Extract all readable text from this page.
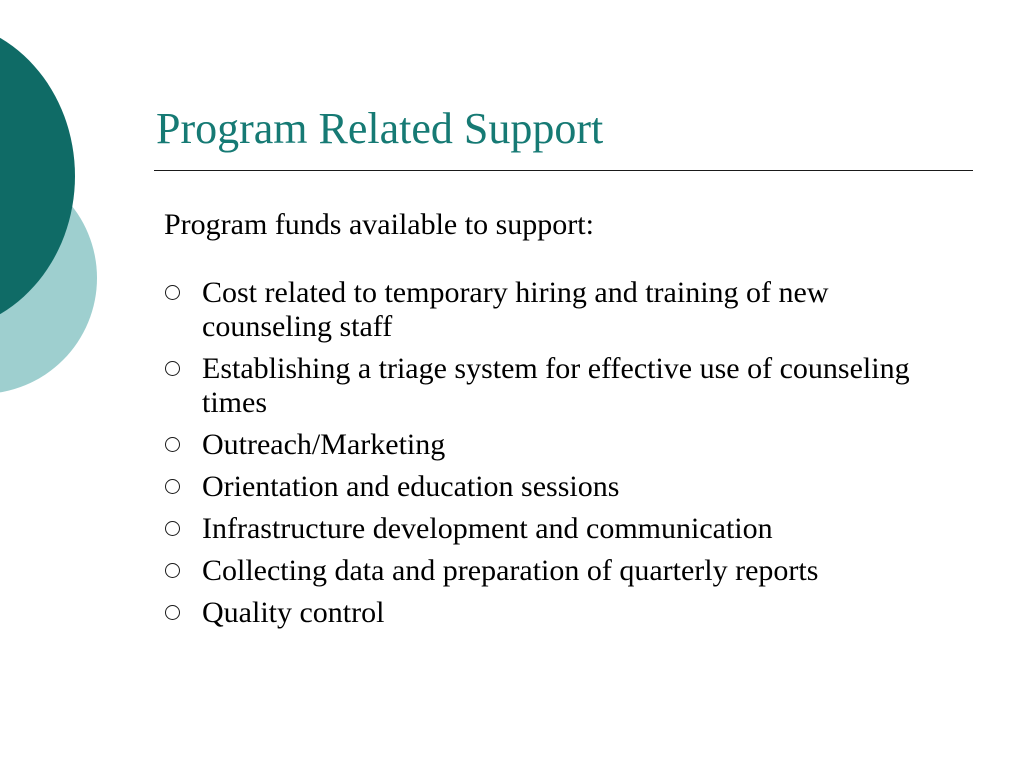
Program Related Support
Program funds available to support:
Cost related to temporary hiring and training of new counseling staff
Establishing a triage system for effective use of counseling times
Outreach/Marketing
Orientation and education sessions
Infrastructure development and communication
Collecting data and preparation of quarterly reports
Quality control
